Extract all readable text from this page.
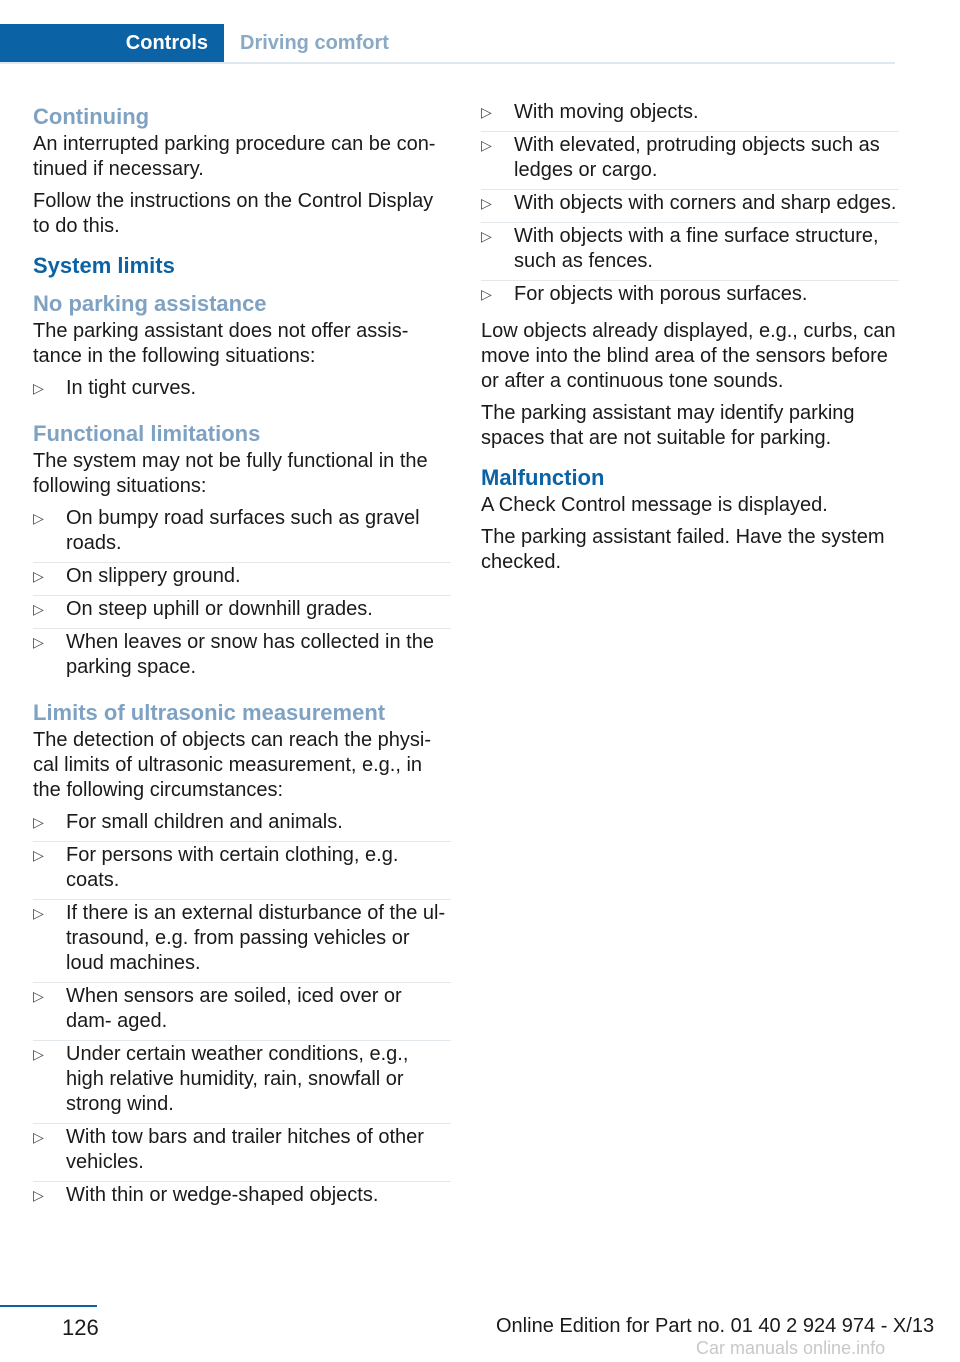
Controls	Driving comfort
Continuing

An interrupted parking procedure can be con‐ tinued if necessary.

Follow the instructions on the Control Display to do this.

System limits
No parking assistance

The parking assistant does not offer assis‐ tance in the following situations:

▷	In tight curves.
Functional limitations

The system may not be fully functional in the following situations:

▷	On bumpy road surfaces such as gravel roads.
▷	On slippery ground.
▷	On steep uphill or downhill grades.
▷	When leaves or snow has collected in the parking space.
Limits of ultrasonic measurement

The detection of objects can reach the physi‐ cal limits of ultrasonic measurement, e.g., in the following circumstances:

▷	For small children and animals.
▷	For persons with certain clothing, e.g. coats.
▷	If there is an external disturbance of the ul‐ trasound, e.g. from passing vehicles or loud machines.
▷	When sensors are soiled, iced over or dam‐ aged.
▷	Under certain weather conditions, e.g., high relative humidity, rain, snowfall or strong wind.
▷	With tow bars and trailer hitches of other vehicles.
▷	With thin or wedge-shaped objects.
▷	With moving objects.
▷	With elevated, protruding objects such as ledges or cargo.
▷	With objects with corners and sharp edges.
▷	With objects with a fine surface structure, such as fences.
▷	For objects with porous surfaces.

Low objects already displayed, e.g., curbs, can move into the blind area of the sensors before or after a continuous tone sounds.

The parking assistant may identify parking spaces that are not suitable for parking.

Malfunction

A Check Control message is displayed.

The parking assistant failed. Have the system checked.

126	Online Edition for Part no. 01 40 2 924 974 - X/13
Car manuals online.info
